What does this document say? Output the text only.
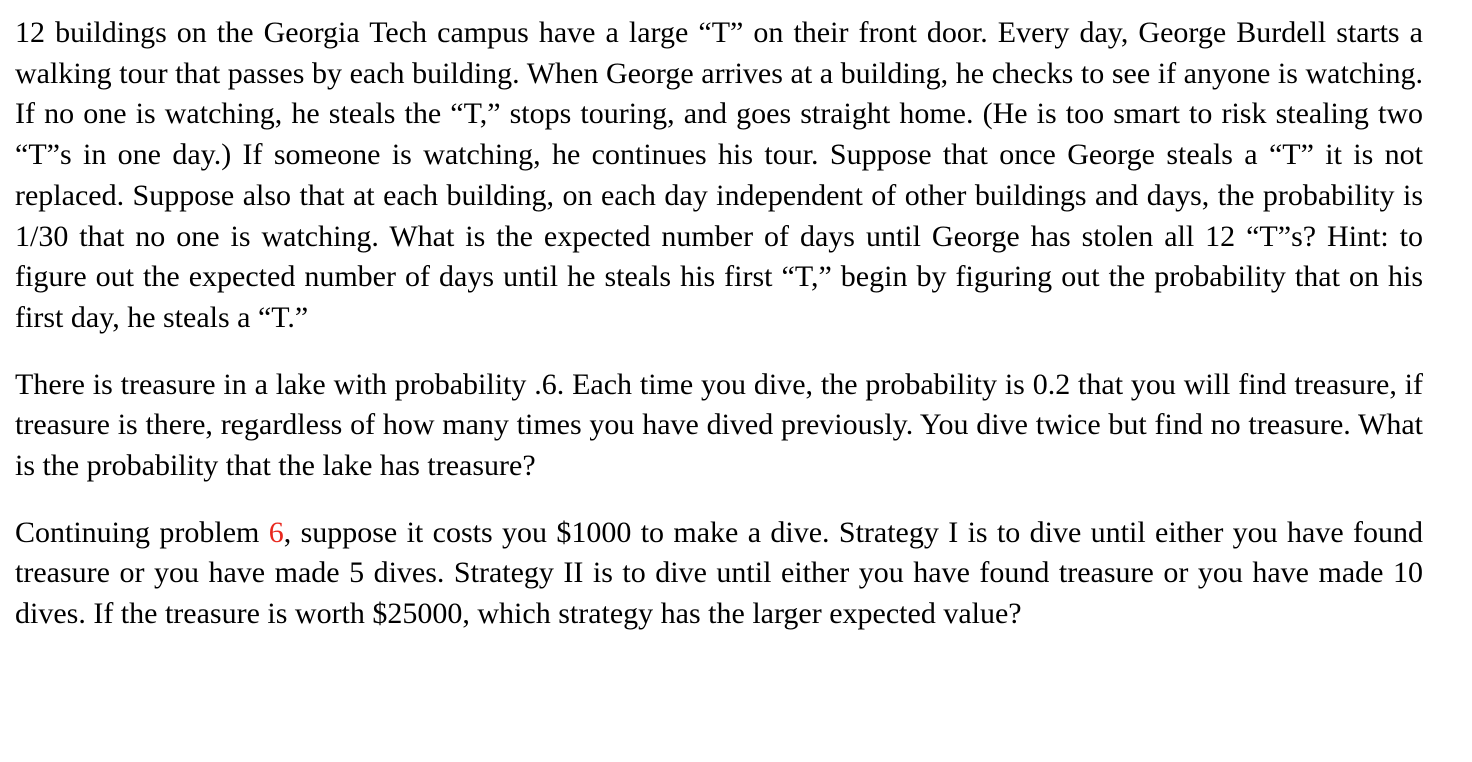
12 buildings on the Georgia Tech campus have a large “T” on their front door. Every day, George Burdell starts a walking tour that passes by each building. When George arrives at a building, he checks to see if anyone is watching. If no one is watching, he steals the “T,” stops touring, and goes straight home. (He is too smart to risk stealing two “T”s in one day.) If someone is watching, he continues his tour. Suppose that once George steals a “T” it is not replaced. Suppose also that at each building, on each day independent of other buildings and days, the probability is 1/30 that no one is watching. What is the expected number of days until George has stolen all 12 “T”s? Hint: to figure out the expected number of days until he steals his first “T,” begin by figuring out the probability that on his first day, he steals a “T.”

There is treasure in a lake with probability .6. Each time you dive, the probability is 0.2 that you will find treasure, if treasure is there, regardless of how many times you have dived previously. You dive twice but find no treasure. What is the probability that the lake has treasure?

Continuing problem 6, suppose it costs you $1000 to make a dive. Strategy I is to dive until either you have found treasure or you have made 5 dives. Strategy II is to dive until either you have found treasure or you have made 10 dives. If the treasure is worth $25000, which strategy has the larger expected value?
